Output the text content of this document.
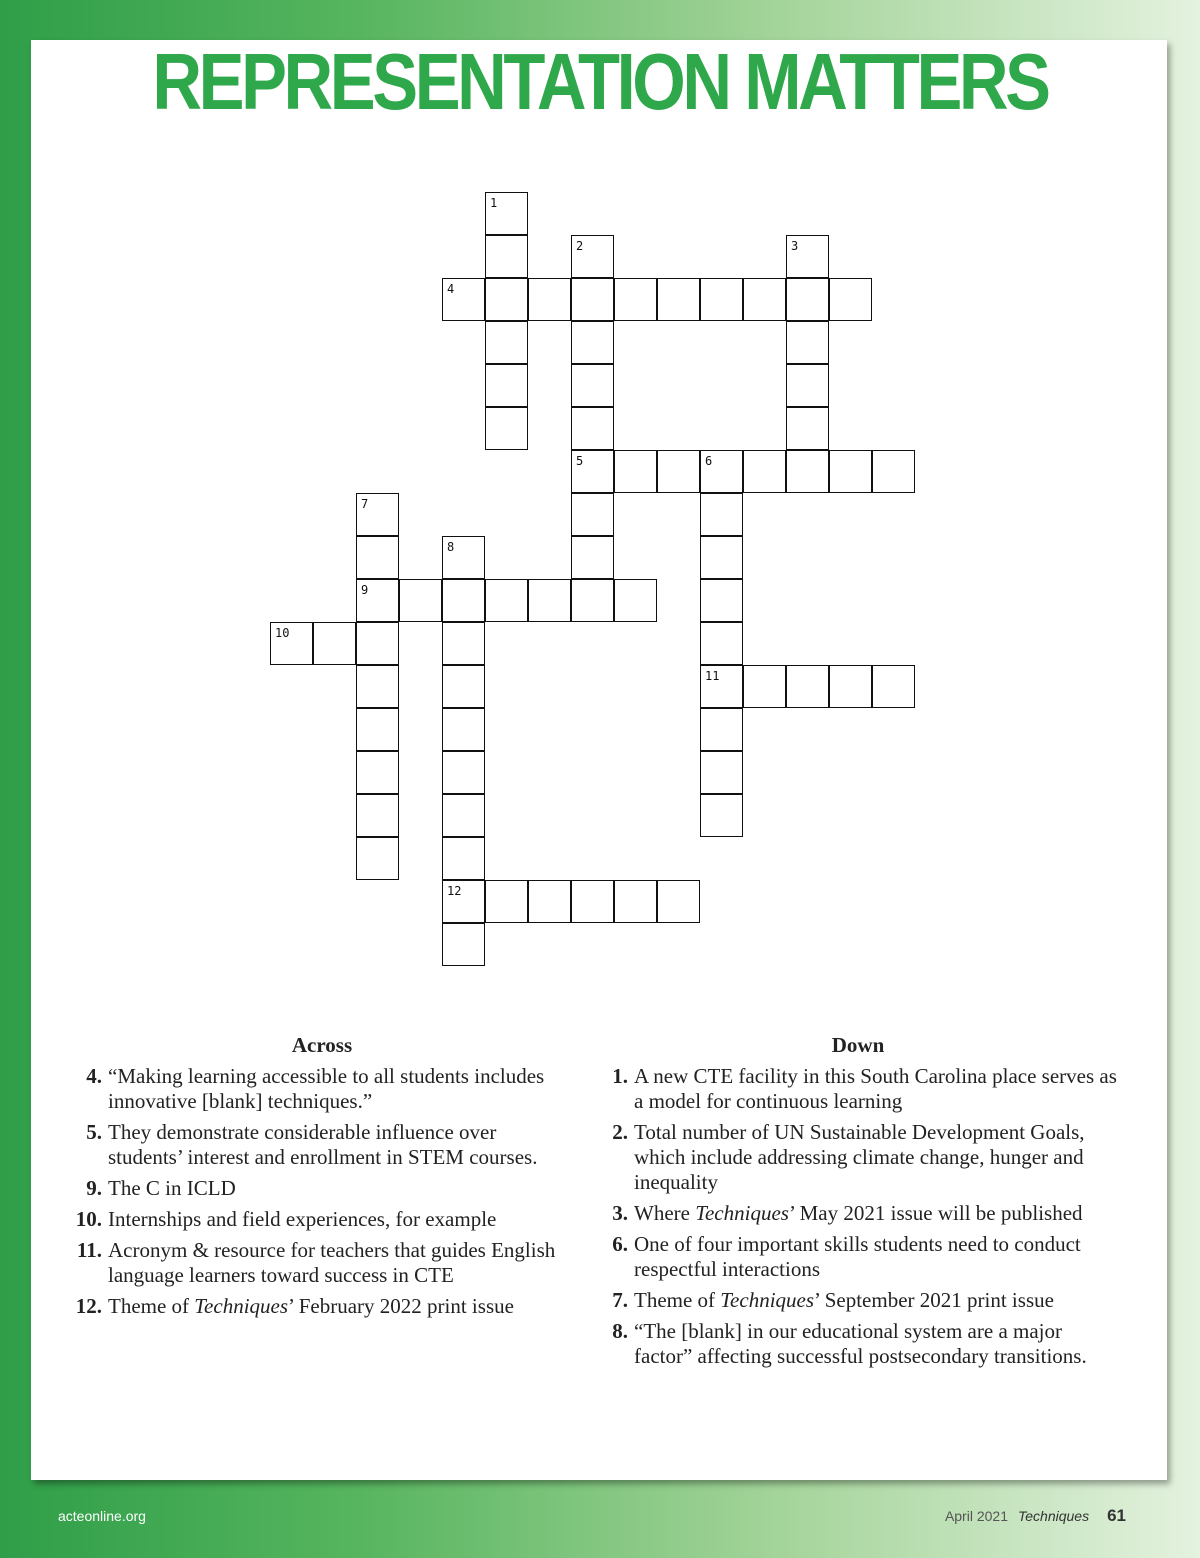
REPRESENTATION MATTERS
1
2
5
3
4
6
11
7
9
8
12
10
Across
4. “Making learning accessible to all students includes innovative [blank] techniques.”
5. They demonstrate considerable influence over students’ interest and enrollment in STEM courses.
9. The C in ICLD
10. Internships and field experiences, for example
11. Acronym & resource for teachers that guides English language learners toward success in CTE
12. Theme of Techniques’ February 2022 print issue
Down
1. A new CTE facility in this South Carolina place serves as a model for continuous learning
2. Total number of UN Sustainable Development Goals, which include addressing climate change, hunger and inequality
3. Where Techniques’ May 2021 issue will be published
6. One of four important skills students need to conduct respectful interactions
7. Theme of Techniques’ September 2021 print issue
8. “The [blank] in our educational system are a major factor” affecting successful postsecondary transitions.
acteonline.org	April 2021 Techniques 61
